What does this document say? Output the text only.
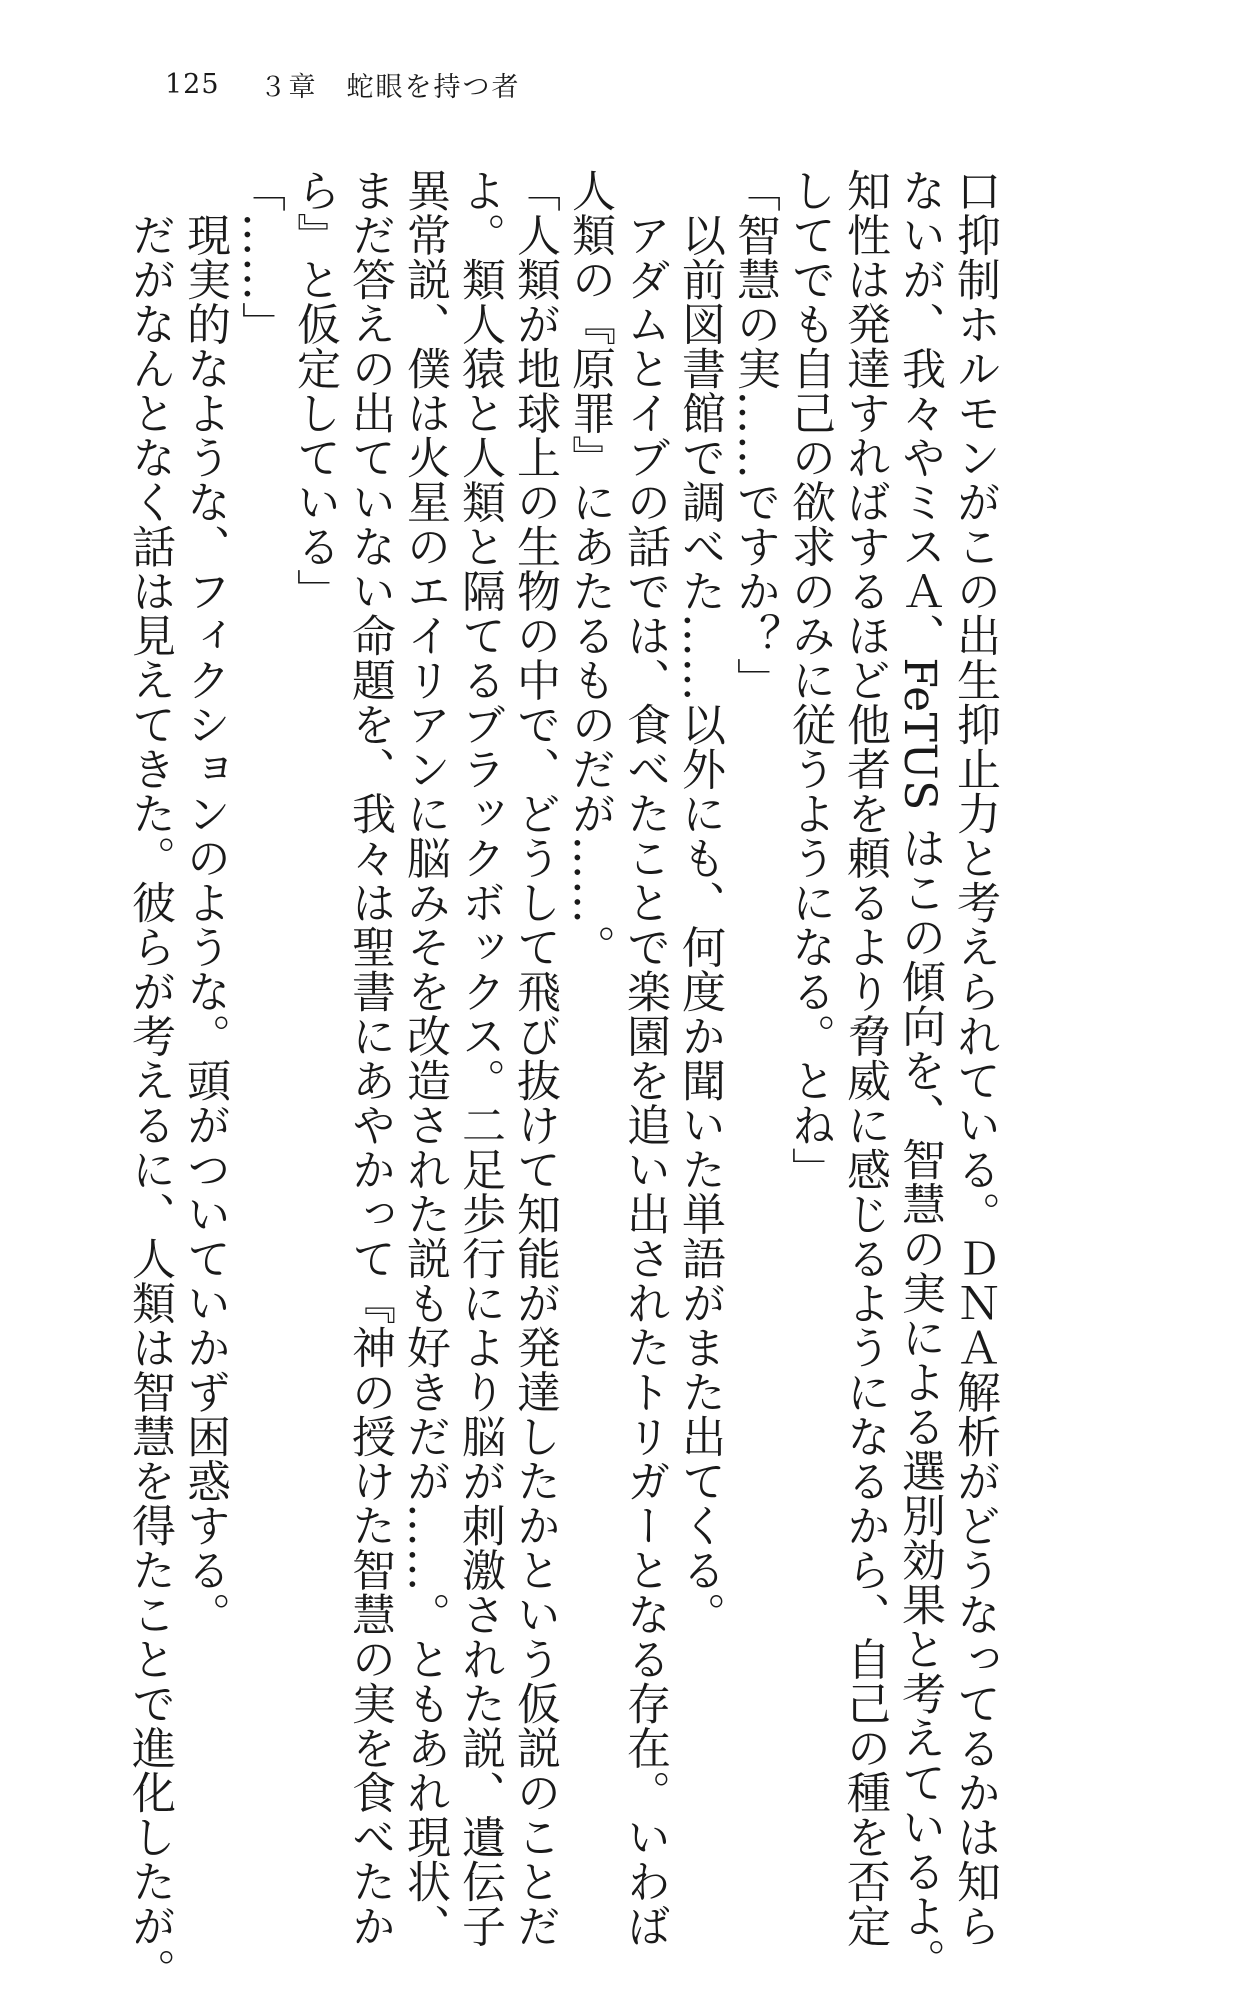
125 ３章　蛇眼を持つ者
口抑制ホルモンがこの出生抑止力と考えられている。ＤＮＡ解析がどうなってるかは知ら
ないが、我々やミスＡ、FeTUS はこの傾向を、智慧の実による選別効果と考えているよ。
知性は発達すればするほど他者を頼るより脅威に感じるようになるから、自己の種を否定
してでも自己の欲求のみに従うようになる。とね」
「智慧の実……ですか？」
　以前図書館で調べた……以外にも、何度か聞いた単語がまた出てくる。
　アダムとイブの話では、食べたことで楽園を追い出されたトリガーとなる存在。いわば
人類の『原罪』にあたるものだが……。
「人類が地球上の生物の中で、どうして飛び抜けて知能が発達したかという仮説のことだ
よ。類人猿と人類と隔てるブラックボックス。二足歩行により脳が刺激された説、遺伝子
異常説、僕は火星のエイリアンに脳みそを改造された説も好きだが……。ともあれ現状、
まだ答えの出ていない命題を、我々は聖書にあやかって『神の授けた智慧の実を食べたか
ら』と仮定している」
「……」
　現実的なような、フィクションのような。頭がついていかず困惑する。
　だがなんとなく話は見えてきた。彼らが考えるに、人類は智慧を得たことで進化したが。
